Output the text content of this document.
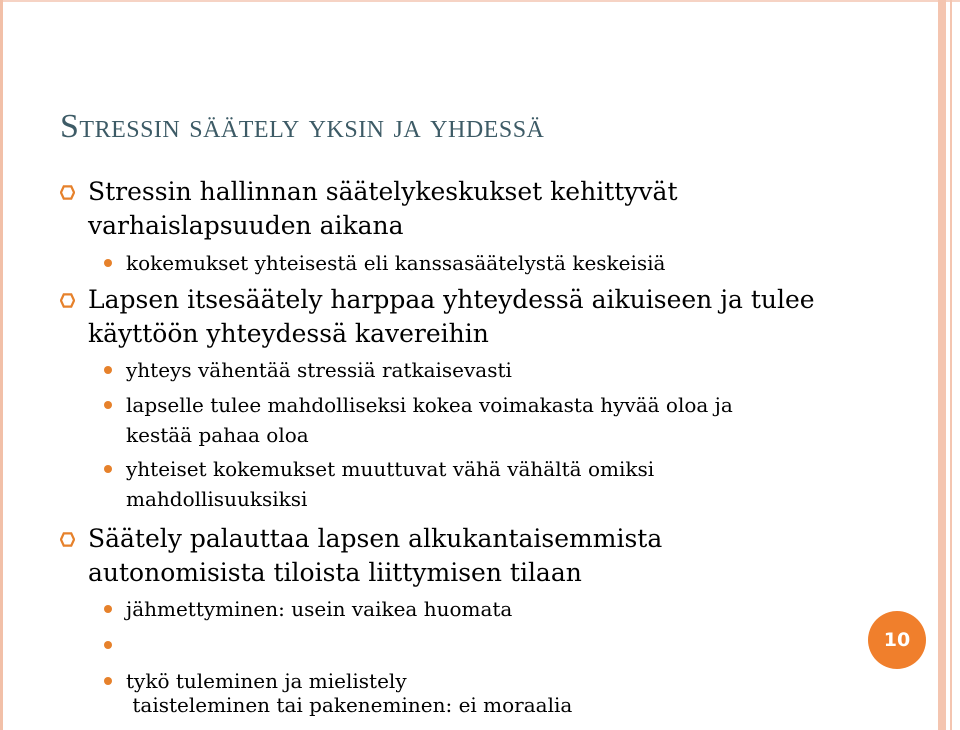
Stressin säätely yksin ja yhdessä
Stressin hallinnan säätelykeskukset kehittyvät
varhaislapsuuden aikana
kokemukset yhteisestä eli kanssasäätelystä keskeisiä
Lapsen itsesäätely harppaa yhteydessä aikuiseen ja tulee
käyttöön yhteydessä kavereihin
yhteys vähentää stressiä ratkaisevasti
lapselle tulee mahdolliseksi kokea voimakasta hyvää oloa ja
kestää pahaa oloa
yhteiset kokemukset muuttuvat vähä vähältä omiksi
mahdollisuuksiksi
Säätely palauttaa lapsen alkukantaisemmista
autonomisista tiloista liittymisen tilaan
jähmettyminen: usein vaikea huomata

taisteleminen tai pakeneminen: ei moraalia

tykö tuleminen ja mielistely
10
